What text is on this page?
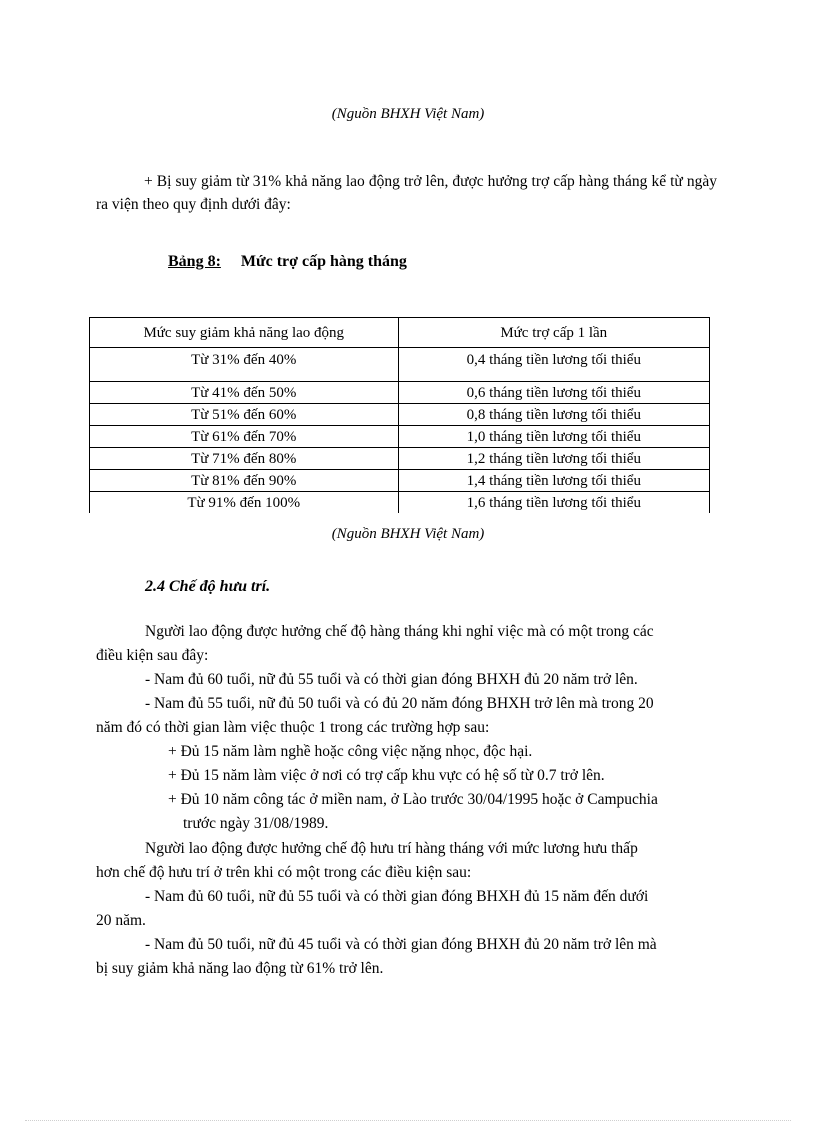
(Nguồn BHXH Việt Nam)
+ Bị suy giảm từ 31% khả năng lao động trở lên, được hưởng trợ cấp hàng tháng kể từ ngày ra viện theo quy định dưới đây:
Bảng 8: Mức trợ cấp hàng tháng
Mức suy giảm khả năng lao động	Mức trợ cấp 1 lần
Từ 31% đến 40%	0,4 tháng tiền lương tối thiểu
Từ 41% đến 50%	0,6 tháng tiền lương tối thiểu
Từ 51% đến 60%	0,8 tháng tiền lương tối thiểu
Từ 61% đến 70%	1,0 tháng tiền lương tối thiểu
Từ 71% đến 80%	1,2 tháng tiền lương tối thiểu
Từ 81% đến 90%	1,4 tháng tiền lương tối thiểu
Từ 91% đến 100%	1,6 tháng tiền lương tối thiểu
(Nguồn BHXH Việt Nam)
2.4 Chế độ hưu trí.
Người lao động được hưởng chế độ hàng tháng khi nghỉ việc mà có một trong các
điều kiện sau đây:
- Nam đủ 60 tuổi, nữ đủ 55 tuổi và có thời gian đóng BHXH đủ 20 năm trở lên.
- Nam đủ 55 tuổi, nữ đủ 50 tuổi và có đủ 20 năm đóng BHXH trở lên mà trong 20
năm đó có thời gian làm việc thuộc 1 trong các trường hợp sau:
+ Đủ 15 năm làm nghề hoặc công việc nặng nhọc, độc hại.
+ Đủ 15 năm làm việc ở nơi có trợ cấp khu vực có hệ số từ 0.7 trở lên.
+ Đủ 10 năm công tác ở miền nam, ở Lào trước 30/04/1995 hoặc ở Campuchia
trước ngày 31/08/1989.
Người lao động được hưởng chế độ hưu trí hàng tháng với mức lương hưu thấp
hơn chế độ hưu trí ở trên khi có một trong các điều kiện sau:
- Nam đủ 60 tuổi, nữ đủ 55 tuổi và có thời gian đóng BHXH đủ 15 năm đến dưới
20 năm.
- Nam đủ 50 tuổi, nữ đủ 45 tuổi và có thời gian đóng BHXH đủ 20 năm trở lên mà
bị suy giảm khả năng lao động từ 61% trở lên.
